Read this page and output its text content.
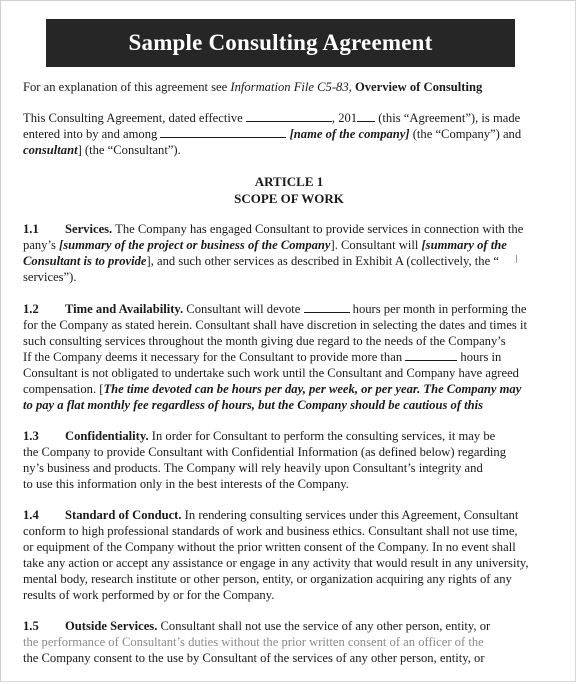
Sample Consulting Agreement
For an explanation of this agreement see Information File C5-83, Overview of Consulting
This Consulting Agreement, dated effective	, 201 (this “Agreement”), is made
entered into by and among	[name of the company] (the “Company”) and
consultant] (the “Consultant”).
ARTICLE 1
SCOPE OF WORK
1.1 Services. The Company has engaged Consultant to provide services in connection with the
pany’s [summary of the project or business of the Company]. Consultant will [summary of the
Consultant is to provide], and such other services as described in Exhibit A (collectively, the “
services”).
1.2 Time and Availability. Consultant will devote	hours per month in performing the
for the Company as stated herein. Consultant shall have discretion in selecting the dates and times it
such consulting services throughout the month giving due regard to the needs of the Company’s
If the Company deems it necessary for the Consultant to provide more than	hours in
Consultant is not obligated to undertake such work until the Consultant and Company have agreed
compensation. [The time devoted can be hours per day, per week, or per year. The Company may
to pay a flat monthly fee regardless of hours, but the Company should be cautious of this
1.3 Confidentiality. In order for Consultant to perform the consulting services, it may be
the Company to provide Consultant with Confidential Information (as defined below) regarding
ny’s business and products. The Company will rely heavily upon Consultant’s integrity and
to use this information only in the best interests of the Company.
1.4 Standard of Conduct. In rendering consulting services under this Agreement, Consultant
conform to high professional standards of work and business ethics. Consultant shall not use time,
or equipment of the Company without the prior written consent of the Company. In no event shall
take any action or accept any assistance or engage in any activity that would result in any university,
mental body, research institute or other person, entity, or organization acquiring any rights of any
results of work performed by or for the Company.
1.5 Outside Services. Consultant shall not use the service of any other person, entity, or
the performance of Consultant’s duties without the prior written consent of an officer of the
the Company consent to the use by Consultant of the services of any other person, entity, or
